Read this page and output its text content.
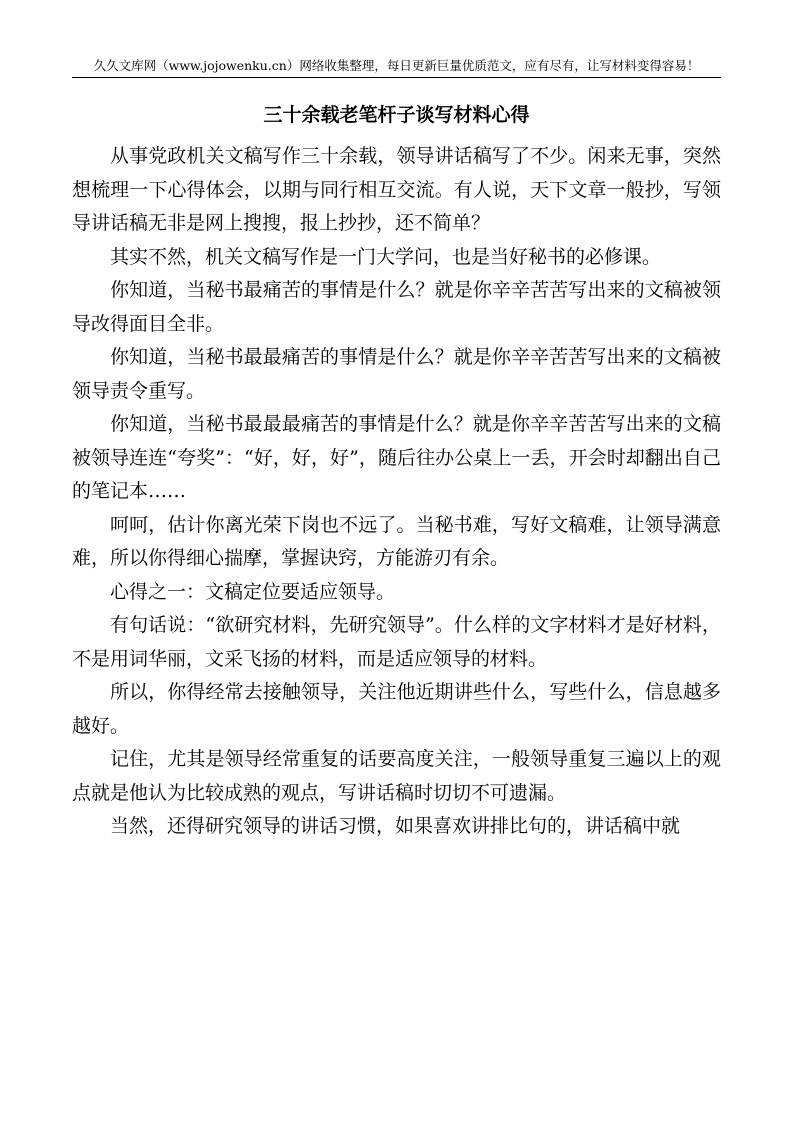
久久文库网（www.jojowenku.cn）网络收集整理，每日更新巨量优质范文，应有尽有，让写材料变得容易！
三十余载老笔杆子谈写材料心得

从事党政机关文稿写作三十余载，领导讲话稿写了不少。闲来无事，突然想梳理一下心得体会，以期与同行相互交流。有人说，天下文章一般抄，写领导讲话稿无非是网上搜搜，报上抄抄，还不简单？

其实不然，机关文稿写作是一门大学问，也是当好秘书的必修课。

你知道，当秘书最痛苦的事情是什么？就是你辛辛苦苦写出来的文稿被领导改得面目全非。

你知道，当秘书最最痛苦的事情是什么？就是你辛辛苦苦写出来的文稿被领导责令重写。

你知道，当秘书最最最痛苦的事情是什么？就是你辛辛苦苦写出来的文稿被领导连连“夸奖”：“好，好，好”，随后往办公桌上一丢，开会时却翻出自己的笔记本……

呵呵，估计你离光荣下岗也不远了。当秘书难，写好文稿难，让领导满意难，所以你得细心揣摩，掌握诀窍，方能游刃有余。

心得之一：文稿定位要适应领导。

有句话说：“欲研究材料，先研究领导”。什么样的文字材料才是好材料，不是用词华丽，文采飞扬的材料，而是适应领导的材料。

所以，你得经常去接触领导，关注他近期讲些什么，写些什么，信息越多越好。

记住，尤其是领导经常重复的话要高度关注，一般领导重复三遍以上的观点就是他认为比较成熟的观点，写讲话稿时切切不可遗漏。

当然，还得研究领导的讲话习惯，如果喜欢讲排比句的，讲话稿中就
